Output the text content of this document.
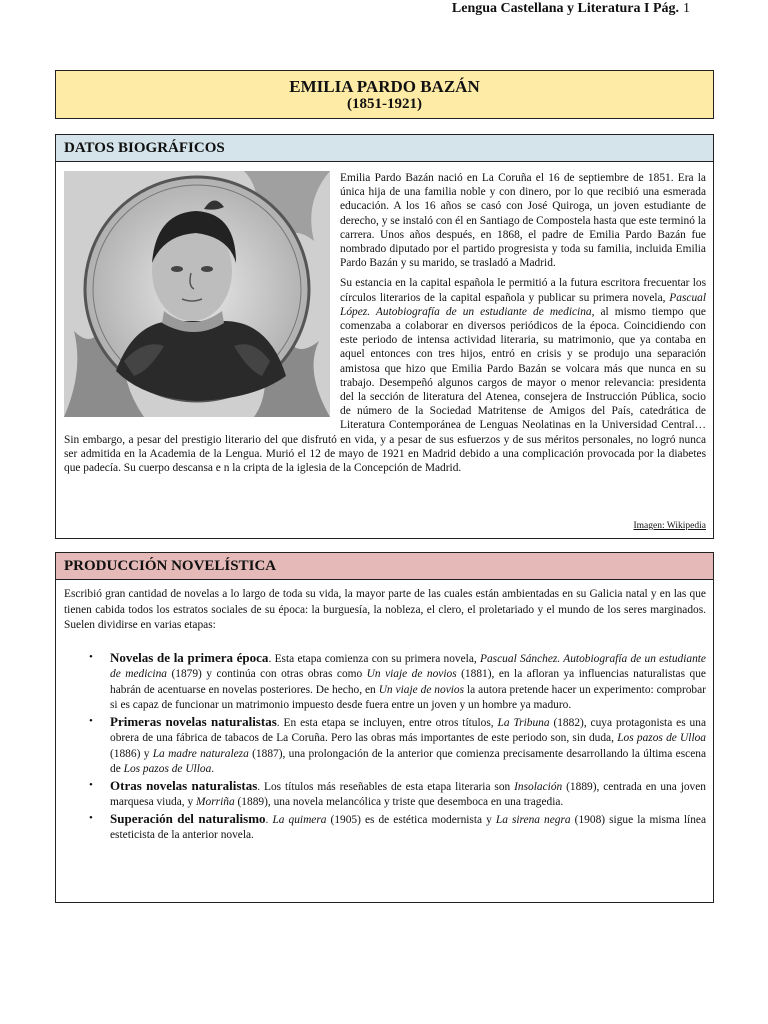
Lengua Castellana y Literatura I Pág. 1
EMILIA PARDO BAZÁN
(1851-1921)
DATOS BIOGRÁFICOS

Emilia Pardo Bazán nació en La Coruña el 16 de septiembre de 1851. Era la única hija de una familia noble y con dinero, por lo que recibió una esmerada educación. A los 16 años se casó con José Quiroga, un joven estudiante de derecho, y se instaló con él en Santiago de Compostela hasta que este terminó la carrera. Unos años después, en 1868, el padre de Emilia Pardo Bazán fue nombrado diputado por el partido progresista y toda su familia, incluida Emilia Pardo Bazán y su marido, se trasladó a Madrid.

Su estancia en la capital española le permitió a la futura escritora frecuentar los círculos literarios de la capital española y publicar su primera novela, Pascual López. Autobiografía de un estudiante de medicina, al mismo tiempo que comenzaba a colaborar en diversos periódicos de la época. Coincidiendo con este periodo de intensa actividad literaria, su matrimonio, que ya contaba en aquel entonces con tres hijos, entró en crisis y se produjo una separación amistosa que hizo que Emilia Pardo Bazán se volcara más que nunca en su trabajo. Desempeñó algunos cargos de mayor o menor relevancia: presidenta del la sección de literatura del Atenea, consejera de Instrucción Pública, socio de número de la Sociedad Matritense de Amigos del País, catedrática de Literatura Contemporánea de Lenguas Neolatinas en la Universidad Central… Sin embargo, a pesar del prestigio literario del que disfrutó en vida, y a pesar de sus esfuerzos y de sus méritos personales, no logró nunca ser admitida en la Academia de la Lengua. Murió el 12 de mayo de 1921 en Madrid debido a una complicación provocada por la diabetes que padecía. Su cuerpo descansa e n la cripta de la iglesia de la Concepción de Madrid.

Imagen: Wikipedia
PRODUCCIÓN NOVELÍSTICA

Escribió gran cantidad de novelas a lo largo de toda su vida, la mayor parte de las cuales están ambientadas en su Galicia natal y en las que tienen cabida todos los estratos sociales de su época: la burguesía, la nobleza, el clero, el proletariado y el mundo de los seres marginados. Suelen dividirse en varias etapas:

• Novelas de la primera época. Esta etapa comienza con su primera novela, Pascual Sánchez. Autobiografía de un estudiante de medicina (1879) y continúa con otras obras como Un viaje de novios (1881), en la afloran ya influencias naturalistas que habrán de acentuarse en novelas posteriores. De hecho, en Un viaje de novios la autora pretende hacer un experimento: comprobar si es capaz de funcionar un matrimonio impuesto desde fuera entre un joven y un hombre ya maduro.
• Primeras novelas naturalistas. En esta etapa se incluyen, entre otros títulos, La Tribuna (1882), cuya protagonista es una obrera de una fábrica de tabacos de La Coruña. Pero las obras más importantes de este periodo son, sin duda, Los pazos de Ulloa (1886) y La madre naturaleza (1887), una prolongación de la anterior que comienza precisamente desarrollando la última escena de Los pazos de Ulloa.
• Otras novelas naturalistas. Los títulos más reseñables de esta etapa literaria son Insolación (1889), centrada en una joven marquesa viuda, y Morriña (1889), una novela melancólica y triste que desemboca en una tragedia.
• Superación del naturalismo. La quimera (1905) es de estética modernista y La sirena negra (1908) sigue la misma línea esteticista de la anterior novela.
